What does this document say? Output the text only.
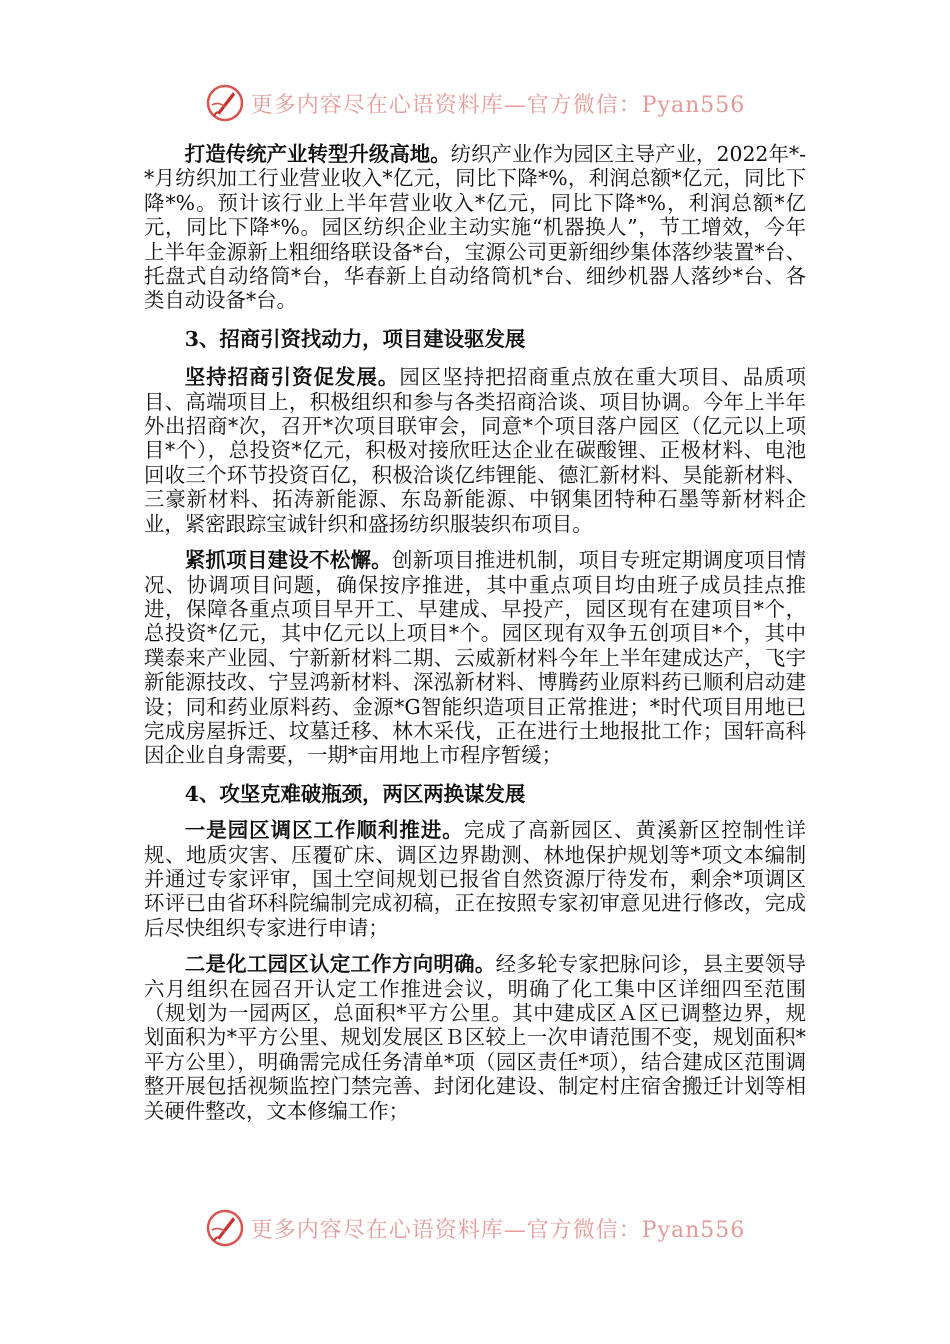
更多内容尽在心语资料库—官方微信：Pyan556

打造传统产业转型升级高地。纺织产业作为园区主导产业，2022年*-*月纺织加工行业营业收入*亿元，同比下降*%，利润总额*亿元，同比下降*%。预计该行业上半年营业收入*亿元，同比下降*%，利润总额*亿元，同比下降*%。园区纺织企业主动实施“机器换人”，节工增效，今年上半年金源新上粗细络联设备*台，宝源公司更新细纱集体落纱装置*台、托盘式自动络筒*台，华春新上自动络筒机*台、细纱机器人落纱*台、各类自动设备*台。

3、招商引资找动力，项目建设驱发展

坚持招商引资促发展。园区坚持把招商重点放在重大项目、品质项目、高端项目上，积极组织和参与各类招商洽谈、项目协调。今年上半年外出招商*次，召开*次项目联审会，同意*个项目落户园区（亿元以上项目*个），总投资*亿元，积极对接欣旺达企业在碳酸锂、正极材料、电池回收三个环节投资百亿，积极洽谈亿纬锂能、德汇新材料、昊能新材料、三豪新材料、拓涛新能源、东岛新能源、中钢集团特种石墨等新材料企业，紧密跟踪宝诚针织和盛扬纺织服装织布项目。

紧抓项目建设不松懈。创新项目推进机制，项目专班定期调度项目情况、协调项目问题，确保按序推进，其中重点项目均由班子成员挂点推进，保障各重点项目早开工、早建成、早投产，园区现有在建项目*个，总投资*亿元，其中亿元以上项目*个。园区现有双争五创项目*个，其中璞泰来产业园、宁新新材料二期、云威新材料今年上半年建成达产，飞宇新能源技改、宁昱鸿新材料、深泓新材料、博腾药业原料药已顺利启动建设；同和药业原料药、金源*G智能织造项目正常推进；*时代项目用地已完成房屋拆迁、坟墓迁移、林木采伐，正在进行土地报批工作；国轩高科因企业自身需要，一期*亩用地上市程序暂缓；

4、攻坚克难破瓶颈，两区两换谋发展

一是园区调区工作顺利推进。完成了高新园区、黄溪新区控制性详规、地质灾害、压覆矿床、调区边界勘测、林地保护规划等*项文本编制并通过专家评审，国土空间规划已报省自然资源厅待发布，剩余*项调区环评已由省环科院编制完成初稿，正在按照专家初审意见进行修改，完成后尽快组织专家进行申请；

二是化工园区认定工作方向明确。经多轮专家把脉问诊，县主要领导六月组织在园召开认定工作推进会议，明确了化工集中区详细四至范围（规划为一园两区，总面积*平方公里。其中建成区Ａ区已调整边界，规划面积为*平方公里、规划发展区Ｂ区较上一次申请范围不变，规划面积*平方公里），明确需完成任务清单*项（园区责任*项），结合建成区范围调整开展包括视频监控门禁完善、封闭化建设、制定村庄宿舍搬迁计划等相关硬件整改，文本修编工作；

更多内容尽在心语资料库—官方微信：Pyan556
